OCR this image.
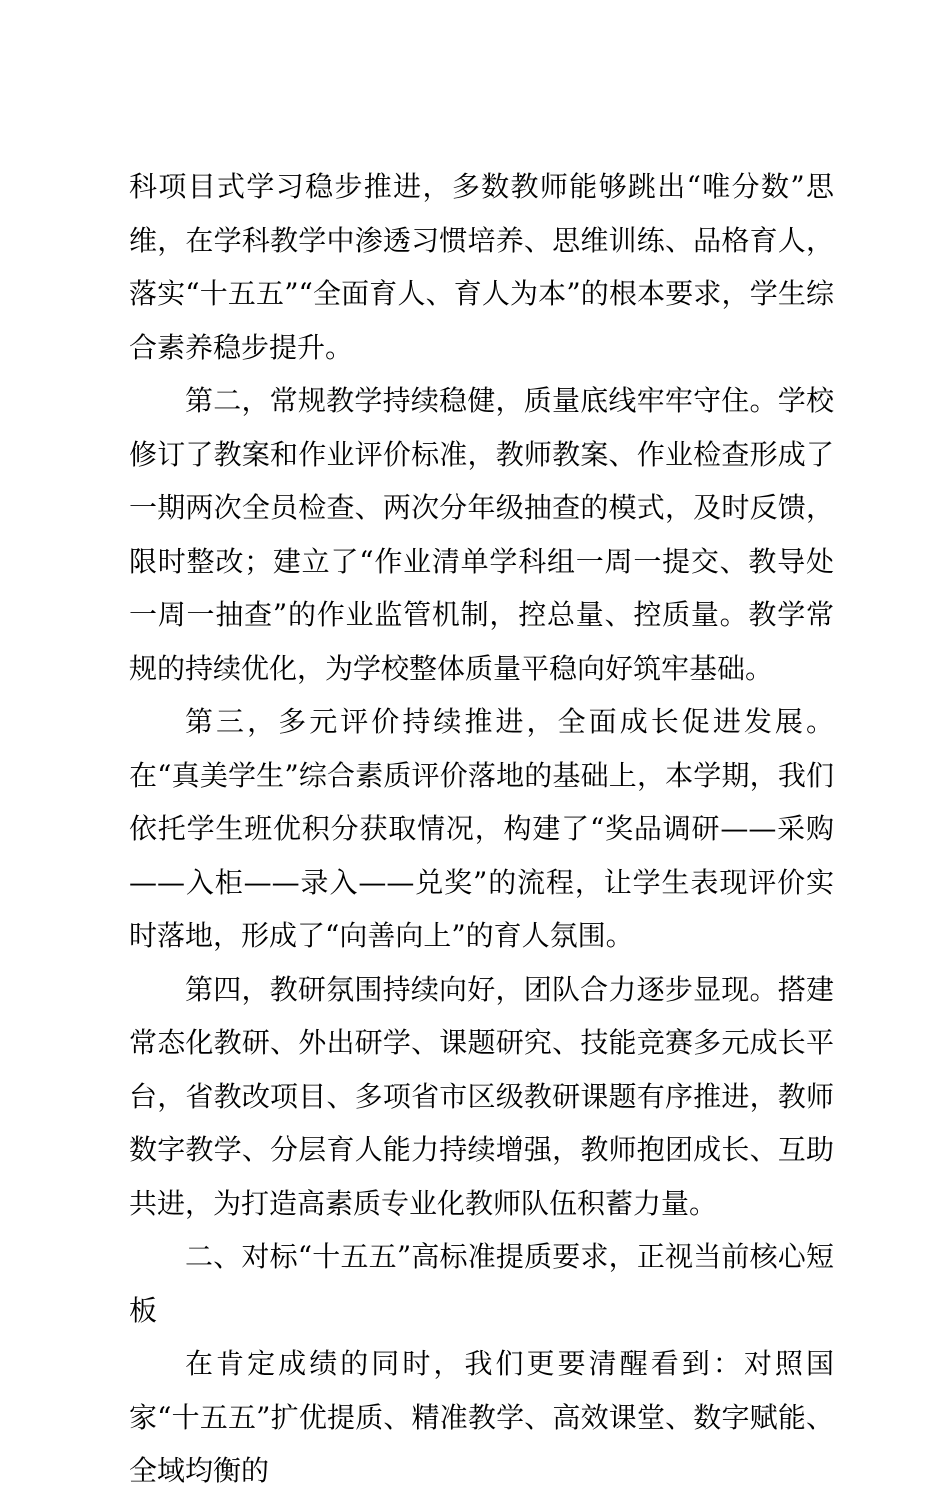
科项目式学习稳步推进，多数教师能够跳出“唯分数”思维，在学科教学中渗透习惯培养、思维训练、品格育人，落实“十五五”“全面育人、育人为本”的根本要求，学生综合素养稳步提升。

第二，常规教学持续稳健，质量底线牢牢守住。学校修订了教案和作业评价标准，教师教案、作业检查形成了一期两次全员检查、两次分年级抽查的模式，及时反馈，限时整改；建立了“作业清单学科组一周一提交、教导处一周一抽查”的作业监管机制，控总量、控质量。教学常规的持续优化，为学校整体质量平稳向好筑牢基础。

第三，多元评价持续推进，全面成长促进发展。在“真美学生”综合素质评价落地的基础上，本学期，我们依托学生班优积分获取情况，构建了“奖品调研——采购——入柜——录入——兑奖”的流程，让学生表现评价实时落地，形成了“向善向上”的育人氛围。

第四，教研氛围持续向好，团队合力逐步显现。搭建常态化教研、外出研学、课题研究、技能竞赛多元成长平台，省教改项目、多项省市区级教研课题有序推进，教师数字教学、分层育人能力持续增强，教师抱团成长、互助共进，为打造高素质专业化教师队伍积蓄力量。

二、对标“十五五”高标准提质要求，正视当前核心短板

在肯定成绩的同时，我们更要清醒看到：对照国家“十五五”扩优提质、精准教学、高效课堂、数字赋能、全域均衡的
